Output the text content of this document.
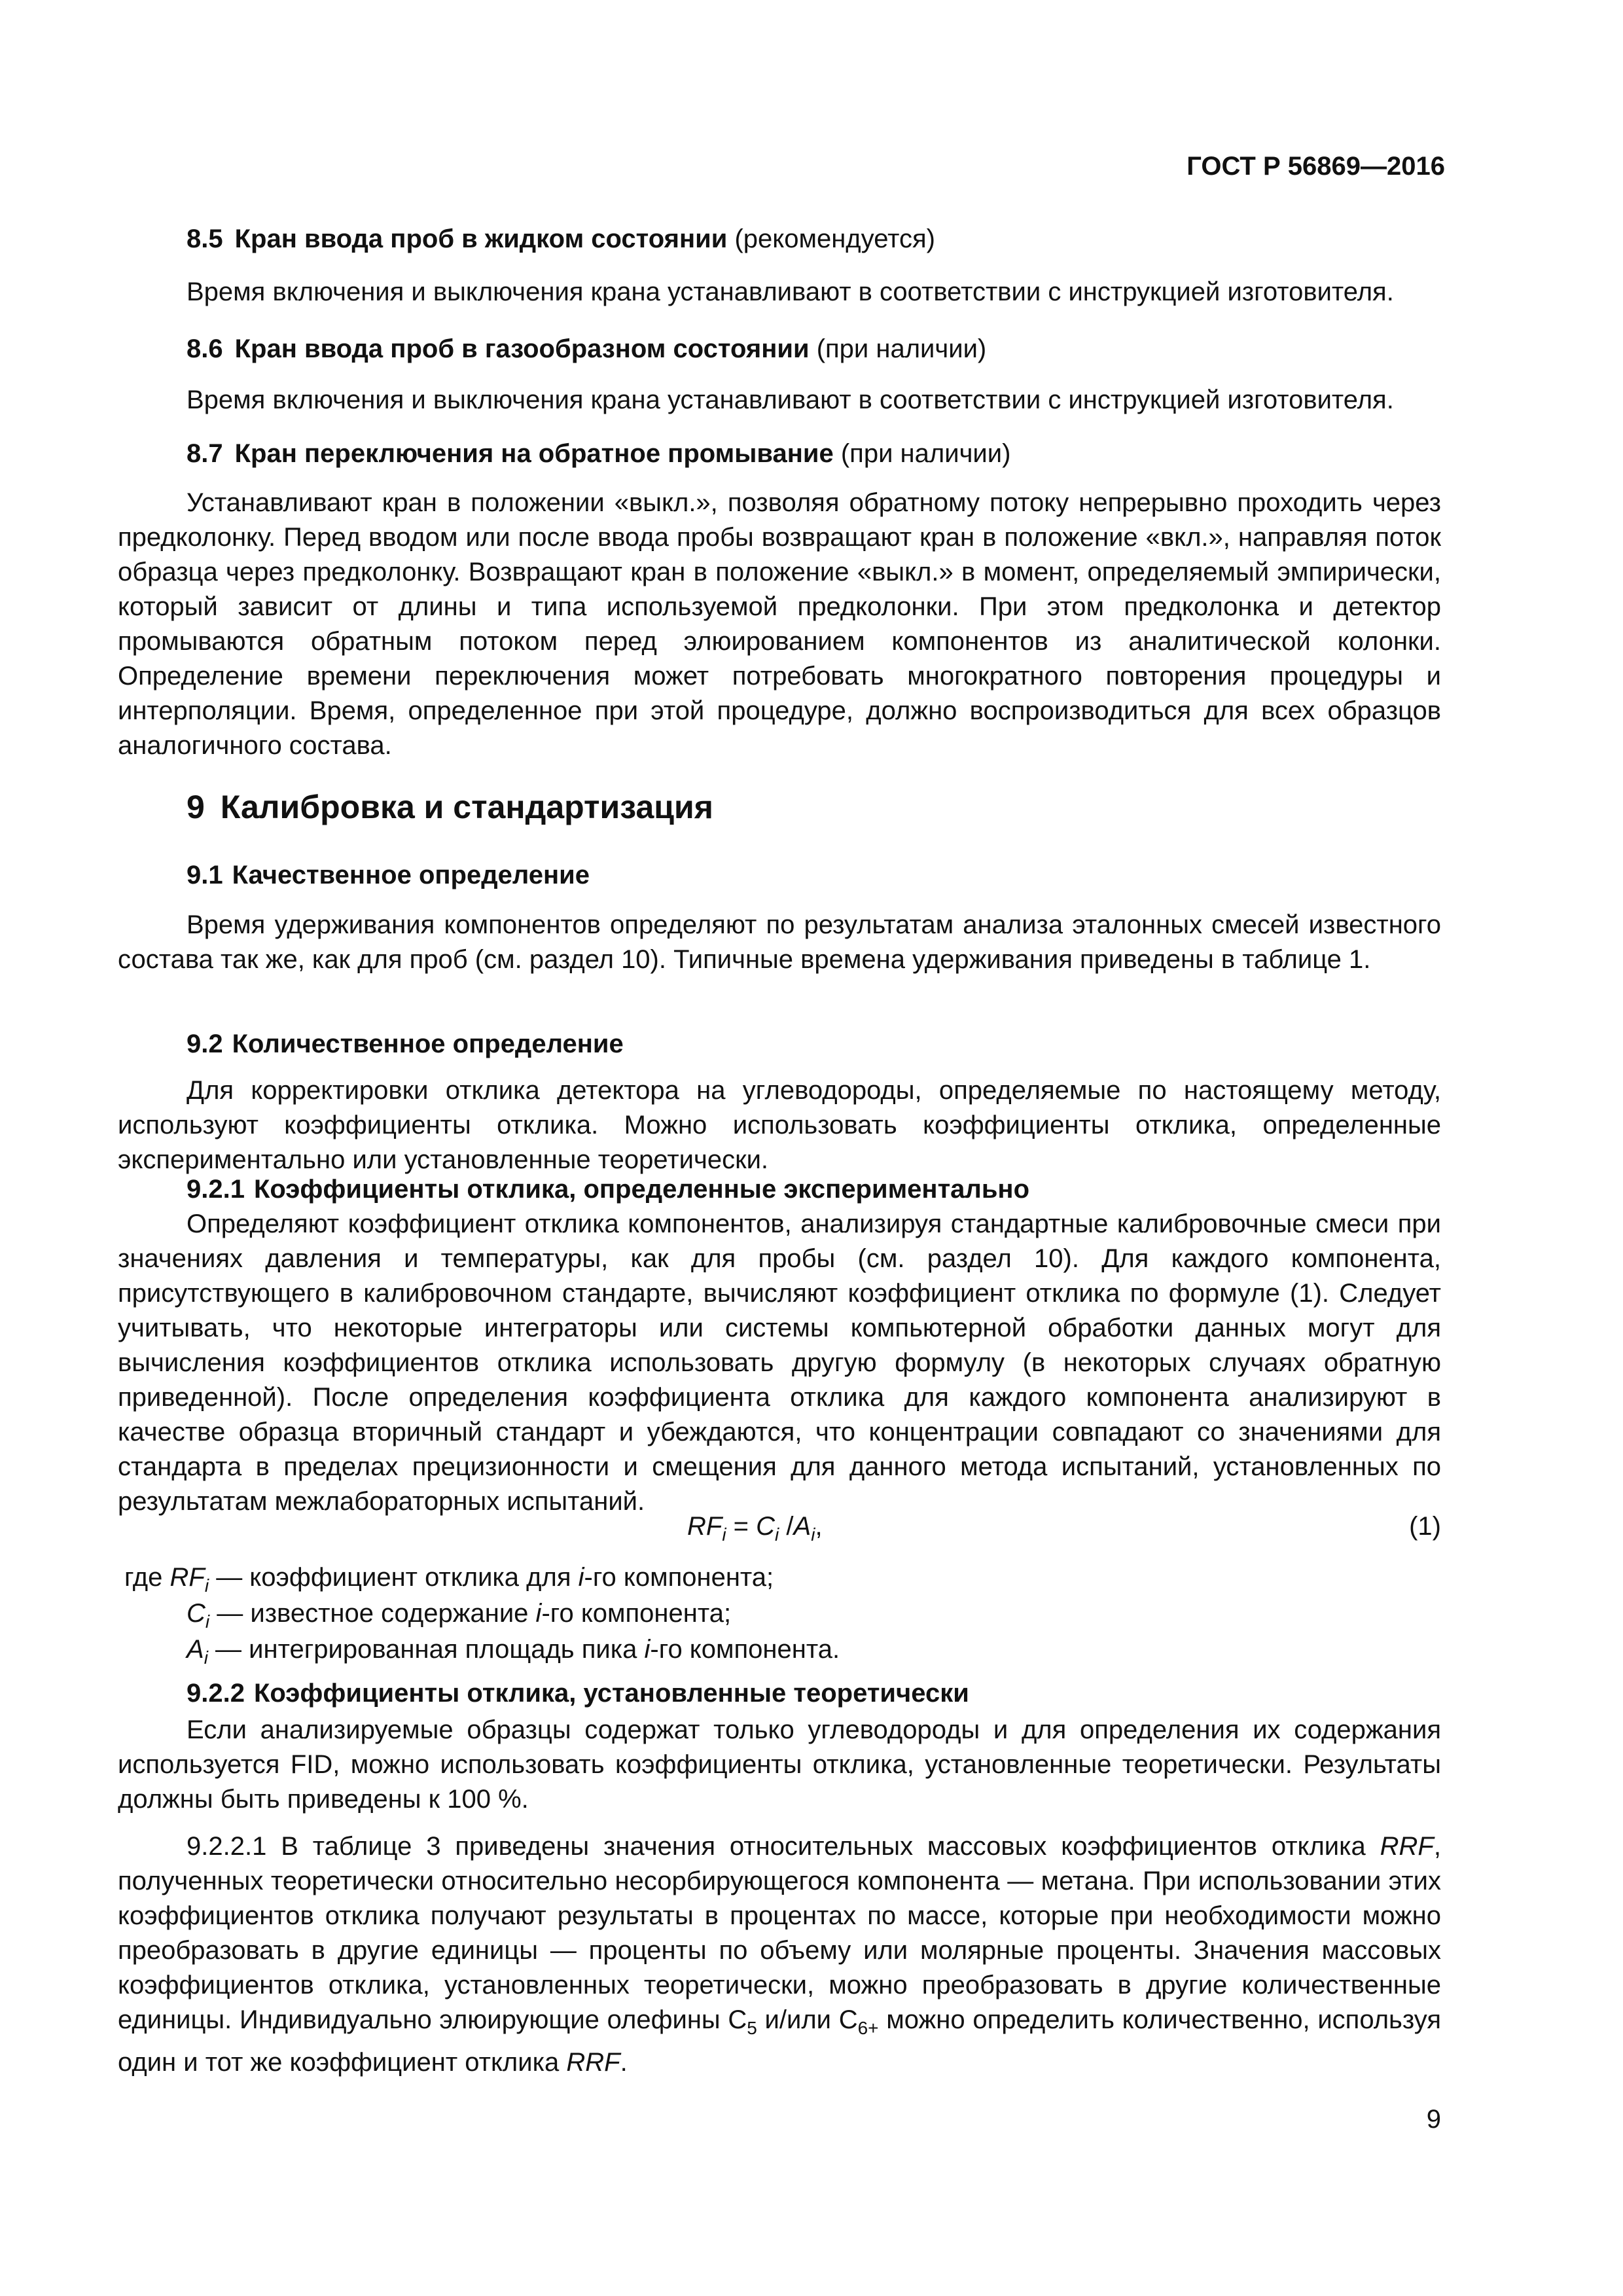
ГОСТ Р 56869—2016
8.5 Кран ввода проб в жидком состоянии (рекомендуется)
Время включения и выключения крана устанавливают в соответствии с инструкцией изготовителя.
8.6 Кран ввода проб в газообразном состоянии (при наличии)
Время включения и выключения крана устанавливают в соответствии с инструкцией изготовителя.
8.7 Кран переключения на обратное промывание (при наличии)
Устанавливают кран в положении «выкл.», позволяя обратному потоку непрерывно проходить через предколонку. Перед вводом или после ввода пробы возвращают кран в положение «вкл.», направляя поток образца через предколонку. Возвращают кран в положение «выкл.» в момент, определяемый эмпирически, который зависит от длины и типа используемой предколонки. При этом предколонка и детектор промываются обратным потоком перед элюированием компонентов из аналитической колонки. Определение времени переключения может потребовать многократного повторения процедуры и интерполяции. Время, определенное при этой процедуре, должно воспроизводиться для всех образцов аналогичного состава.
9 Калибровка и стандартизация
9.1 Качественное определение
Время удерживания компонентов определяют по результатам анализа эталонных смесей известного состава так же, как для проб (см. раздел 10). Типичные времена удерживания приведены в таблице 1.
9.2 Количественное определение
Для корректировки отклика детектора на углеводороды, определяемые по настоящему методу, используют коэффициенты отклика. Можно использовать коэффициенты отклика, определенные экспериментально или установленные теоретически.
9.2.1 Коэффициенты отклика, определенные экспериментально
Определяют коэффициент отклика компонентов, анализируя стандартные калибровочные смеси при значениях давления и температуры, как для пробы (см. раздел 10). Для каждого компонента, присутствующего в калибровочном стандарте, вычисляют коэффициент отклика по формуле (1). Следует учитывать, что некоторые интеграторы или системы компьютерной обработки данных могут для вычисления коэффициентов отклика использовать другую формулу (в некоторых случаях обратную приведенной). После определения коэффициента отклика для каждого компонента анализируют в качестве образца вторичный стандарт и убеждаются, что концентрации совпадают со значениями для стандарта в пределах прецизионности и смещения для данного метода испытаний, установленных по результатам межлабораторных испытаний.
$RF_i = C_i$ $/A_i$,	(1)
где $RF_i$ — коэффициент отклика для i-го компонента;
$C_i$ — известное содержание i-го компонента;
$A_i$ — интегрированная площадь пика i-го компонента.
9.2.2 Коэффициенты отклика, установленные теоретически
Если анализируемые образцы содержат только углеводороды и для определения их содержания используется FID, можно использовать коэффициенты отклика, установленные теоретически. Результаты должны быть приведены к 100 %.
9.2.2.1 В таблице 3 приведены значения относительных массовых коэффициентов отклика RRF, полученных теоретически относительно несорбирующегося компонента — метана. При использовании этих коэффициентов отклика получают результаты в процентах по массе, которые при необходимости можно преобразовать в другие единицы — проценты по объему или молярные проценты. Значения массовых коэффициентов отклика, установленных теоретически, можно преобразовать в другие количественные единицы. Индивидуально элюирующие олефины $С_5$ и/или $С_{6+}$ можно определить количественно, используя один и тот же коэффициент отклика RRF.
9
